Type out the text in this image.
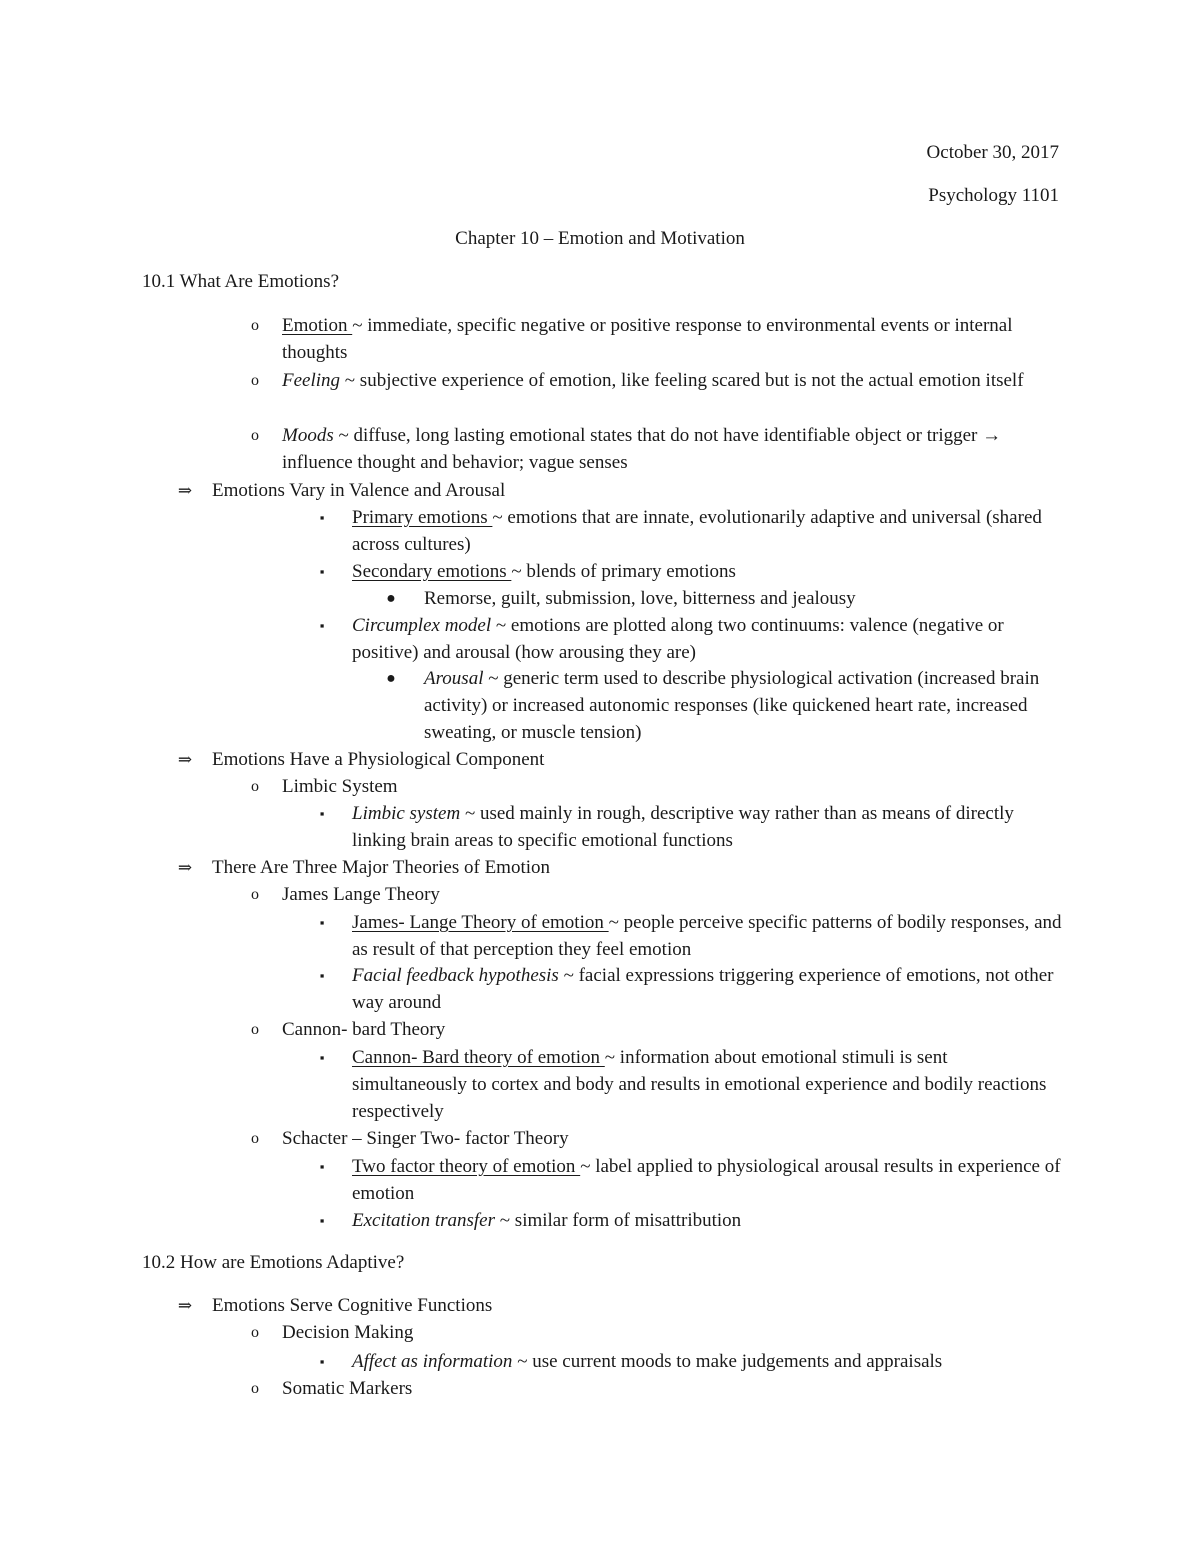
October 30, 2017
Psychology 1101
Chapter 10 – Emotion and Motivation
10.1 What Are Emotions?
o Emotion ~ immediate, specific negative or positive response to environmental events or internal thoughts
o Feeling ~ subjective experience of emotion, like feeling scared but is not the actual emotion itself
o Moods ~ diffuse, long lasting emotional states that do not have identifiable object or trigger → influence thought and behavior; vague senses
⇒	Emotions Vary in Valence and Arousal
▪	Primary emotions ~ emotions that are innate, evolutionarily adaptive and universal (shared across cultures)
▪	Secondary emotions ~ blends of primary emotions
● Remorse, guilt, submission, love, bitterness and jealousy
▪	Circumplex model ~ emotions are plotted along two continuums: valence (negative or positive) and arousal (how arousing they are)
● Arousal ~ generic term used to describe physiological activation (increased brain activity) or increased autonomic responses (like quickened heart rate, increased sweating, or muscle tension)
⇒	Emotions Have a Physiological Component
o Limbic System
▪	Limbic system ~ used mainly in rough, descriptive way rather than as means of directly linking brain areas to specific emotional functions
⇒	There Are Three Major Theories of Emotion
o James Lange Theory
▪	James- Lange Theory of emotion ~ people perceive specific patterns of bodily responses, and as result of that perception they feel emotion
▪	Facial feedback hypothesis ~ facial expressions triggering experience of emotions, not other way around
o Cannon- bard Theory
▪	Cannon- Bard theory of emotion ~ information about emotional stimuli is sent simultaneously to cortex and body and results in emotional experience and bodily reactions respectively
o Schacter – Singer Two- factor Theory
▪	Two factor theory of emotion ~ label applied to physiological arousal results in experience of emotion
▪	Excitation transfer ~ similar form of misattribution
10.2 How are Emotions Adaptive?
⇒	Emotions Serve Cognitive Functions
o Decision Making
▪	Affect as information ~ use current moods to make judgements and appraisals
o Somatic Markers
